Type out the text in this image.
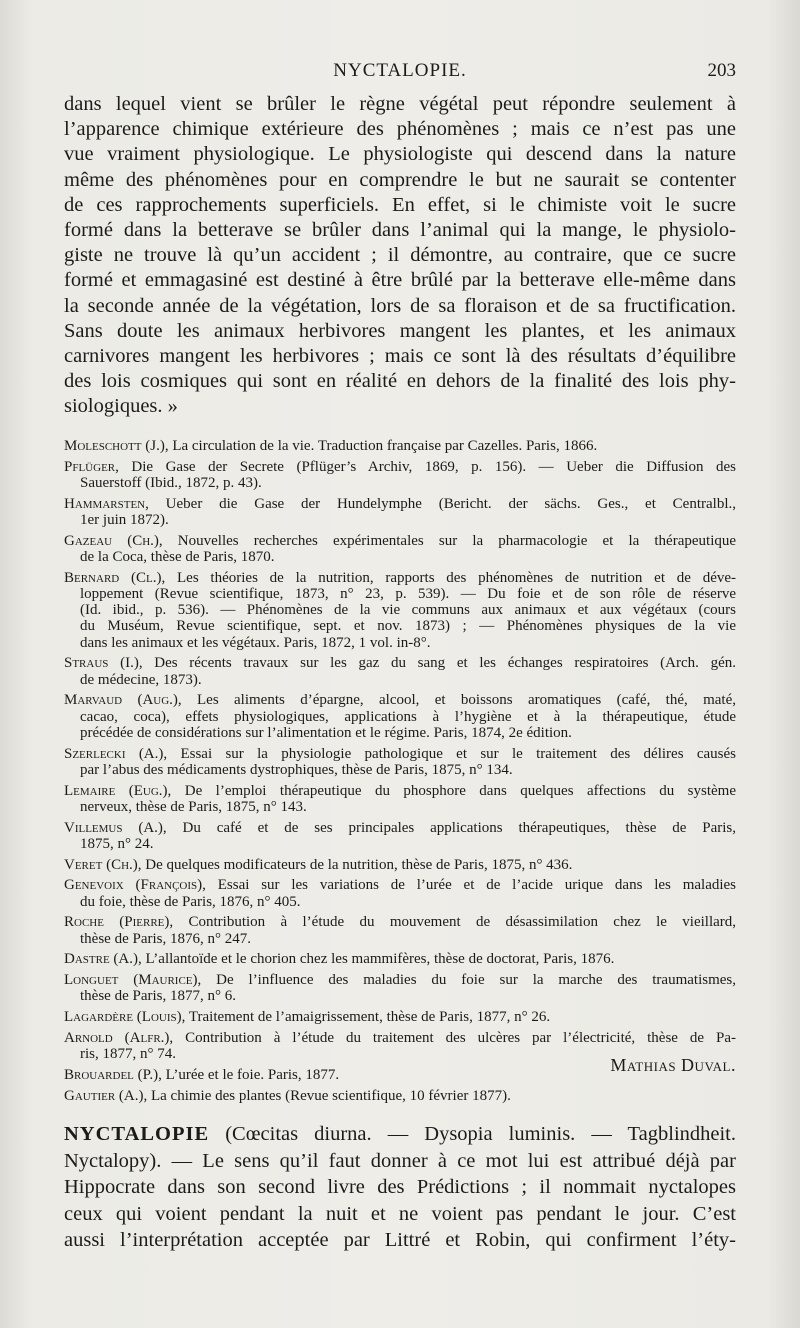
NYCTALOPIE.	203
dans lequel vient se brûler le règne végétal peut répondre seulement à
l’apparence chimique extérieure des phénomènes ; mais ce n’est pas une
vue vraiment physiologique. Le physiologiste qui descend dans la nature
même des phénomènes pour en comprendre le but ne saurait se contenter
de ces rapprochements superficiels. En effet, si le chimiste voit le sucre
formé dans la betterave se brûler dans l’animal qui la mange, le physiolo-
giste ne trouve là qu’un accident ; il démontre, au contraire, que ce sucre
formé et emmagasiné est destiné à être brûlé par la betterave elle-même dans
la seconde année de la végétation, lors de sa floraison et de sa fructification.
Sans doute les animaux herbivores mangent les plantes, et les animaux
carnivores mangent les herbivores ; mais ce sont là des résultats d’équilibre
des lois cosmiques qui sont en réalité en dehors de la finalité des lois phy-
siologiques. »
Moleschott (J.), La circulation de la vie. Traduction française par Cazelles. Paris, 1866.
Pflüger, Die Gase der Secrete (Pflüger’s Archiv, 1869, p. 156). — Ueber die Diffusion des
Sauerstoff (Ibid., 1872, p. 43).
Hammarsten, Ueber die Gase der Hundelymphe (Bericht. der sächs. Ges., et Centralbl.,
1er juin 1872).
Gazeau (Ch.), Nouvelles recherches expérimentales sur la pharmacologie et la thérapeutique
de la Coca, thèse de Paris, 1870.
Bernard (Cl.), Les théories de la nutrition, rapports des phénomènes de nutrition et de déve-
loppement (Revue scientifique, 1873, n° 23, p. 539). — Du foie et de son rôle de réserve
(Id. ibid., p. 536). — Phénomènes de la vie communs aux animaux et aux végétaux (cours
du Muséum, Revue scientifique, sept. et nov. 1873) ; — Phénomènes physiques de la vie
dans les animaux et les végétaux. Paris, 1872, 1 vol. in-8°.
Straus (I.), Des récents travaux sur les gaz du sang et les échanges respiratoires (Arch. gén.
de médecine, 1873).
Marvaud (Aug.), Les aliments d’épargne, alcool, et boissons aromatiques (café, thé, maté,
cacao, coca), effets physiologiques, applications à l’hygiène et à la thérapeutique, étude
précédée de considérations sur l’alimentation et le régime. Paris, 1874, 2e édition.
Szerlecki (A.), Essai sur la physiologie pathologique et sur le traitement des délires causés
par l’abus des médicaments dystrophiques, thèse de Paris, 1875, n° 134.
Lemaire (Eug.), De l’emploi thérapeutique du phosphore dans quelques affections du système
nerveux, thèse de Paris, 1875, n° 143.
Villemus (A.), Du café et de ses principales applications thérapeutiques, thèse de Paris,
1875, n° 24.
Veret (Ch.), De quelques modificateurs de la nutrition, thèse de Paris, 1875, n° 436.
Genevoix (François), Essai sur les variations de l’urée et de l’acide urique dans les maladies
du foie, thèse de Paris, 1876, n° 405.
Roche (Pierre), Contribution à l’étude du mouvement de désassimilation chez le vieillard,
thèse de Paris, 1876, n° 247.
Dastre (A.), L’allantoïde et le chorion chez les mammifères, thèse de doctorat, Paris, 1876.
Longuet (Maurice), De l’influence des maladies du foie sur la marche des traumatismes,
thèse de Paris, 1877, n° 6.
Lagardère (Louis), Traitement de l’amaigrissement, thèse de Paris, 1877, n° 26.
Arnold (Alfr.), Contribution à l’étude du traitement des ulcères par l’électricité, thèse de Pa-
ris, 1877, n° 74.
Brouardel (P.), L’urée et le foie. Paris, 1877.
Gautier (A.), La chimie des plantes (Revue scientifique, 10 février 1877).
Mathias Duval.
NYCTALOPIE (Cœcitas diurna. — Dysopia luminis. — Tagblindheit.
Nyctalopy). — Le sens qu’il faut donner à ce mot lui est attribué déjà par
Hippocrate dans son second livre des Prédictions ; il nommait nyctalopes
ceux qui voient pendant la nuit et ne voient pas pendant le jour. C’est
aussi l’interprétation acceptée par Littré et Robin, qui confirment l’éty-
